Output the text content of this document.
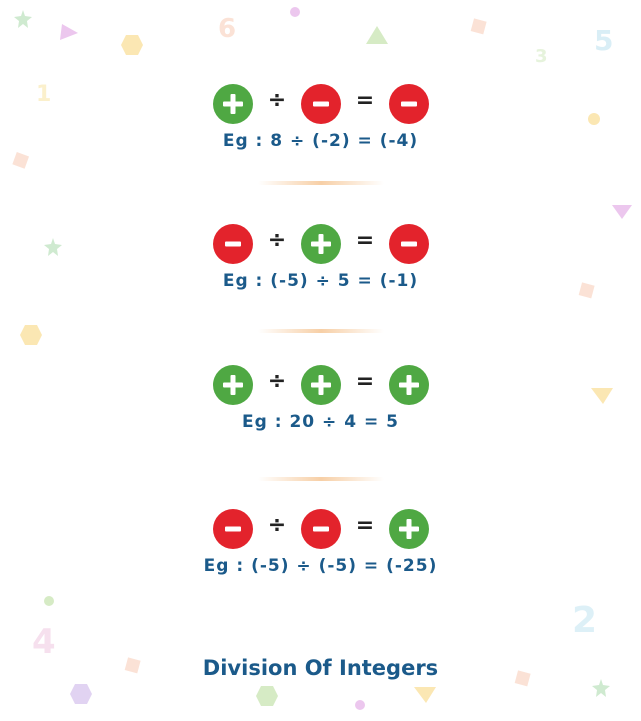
6
3 5
1
4
2
÷	=
Eg : 8 ÷ (-2) = (-4)
÷	=
Eg : (-5) ÷ 5 = (-1)
÷	=
Eg : 20 ÷ 4 = 5
÷	=
Eg : (-5) ÷ (-5) = (-25)
Division Of Integers
